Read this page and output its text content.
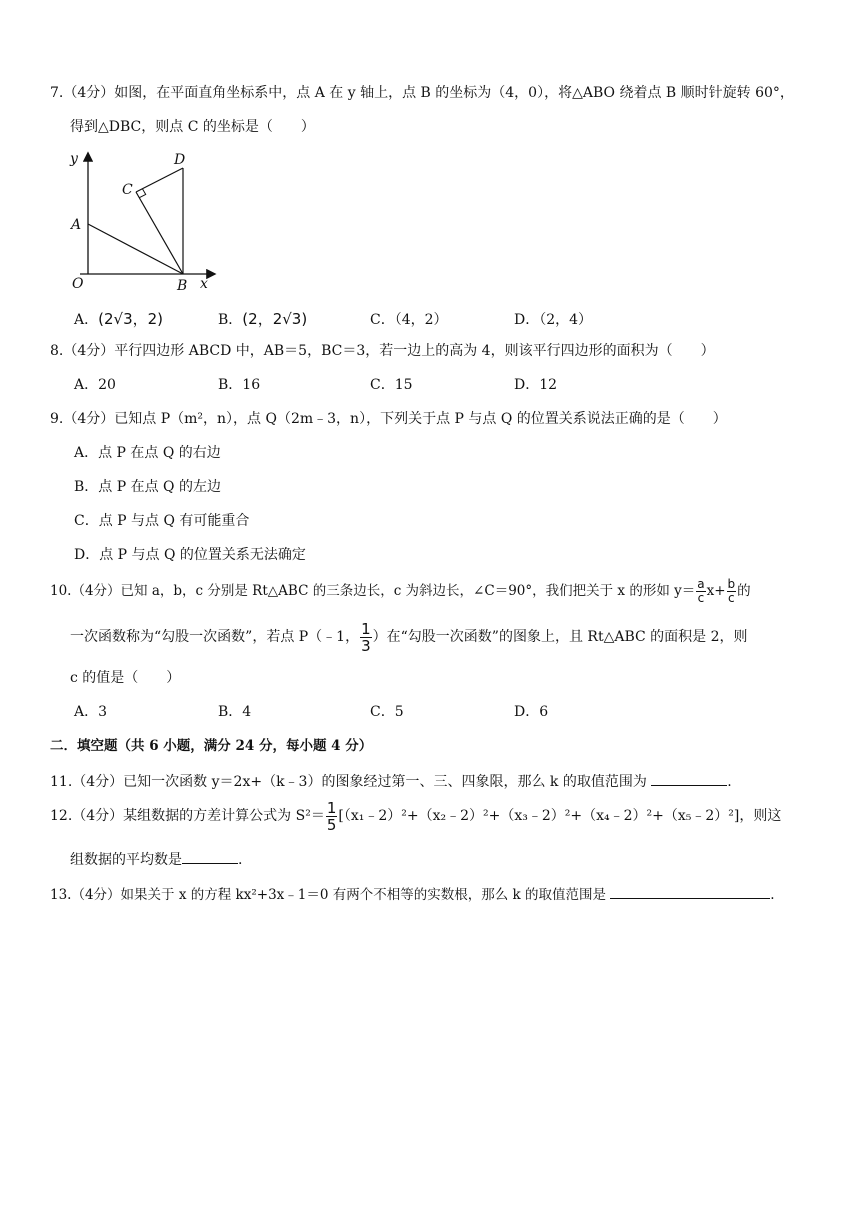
7.（4分）如图，在平面直角坐标系中，点 A 在 y 轴上，点 B 的坐标为（4，0），将△ABO 绕着点 B 顺时针旋转 60°，
得到△DBC，则点 C 的坐标是（　　）
y
x
O
A
B
C
D
A．(2√3，2)	B．(2，2√3)	C．（4，2）	D．（2，4）
8.（4分）平行四边形 ABCD 中，AB＝5，BC＝3，若一边上的高为 4，则该平行四边形的面积为（　　）
A．20	B．16	C．15	D．12
9.（4分）已知点 P（m²，n），点 Q（2m﹣3，n），下列关于点 P 与点 Q 的位置关系说法正确的是（　　）
A．点 P 在点 Q 的右边
B．点 P 在点 Q 的左边
C．点 P 与点 Q 有可能重合
D．点 P 与点 Q 的位置关系无法确定
10.（4分）已知 a，b，c 分别是 Rt△ABC 的三条边长，c 为斜边长，∠C＝90°，我们把关于 x 的形如 $y= \frac{a}{c} x+ \frac{b}{c}$ 的
一次函数称为“勾股一次函数”，若点 P（﹣1， $\frac{1}{3}$ ）在“勾股一次函数”的图象上，且 Rt△ABC 的面积是 2，则
c 的值是（　　）
A．3	B．4	C．5	D．6
二．填空题（共 6 小题，满分 24 分，每小题 4 分）
11.（4分）已知一次函数 y＝2x+（k﹣3）的图象经过第一、三、四象限，那么 k 的取值范围为	.
12.（4分）某组数据的方差计算公式为 $S^2= \frac{1}{5}$ [（x₁﹣2）²+（x₂﹣2）²+（x₃﹣2）²+（x₄﹣2）²+（x₅﹣2）²]，则这
组数据的平均数是	.
13.（4分）如果关于 x 的方程 kx²+3x﹣1＝0 有两个不相等的实数根，那么 k 的取值范围是	.
